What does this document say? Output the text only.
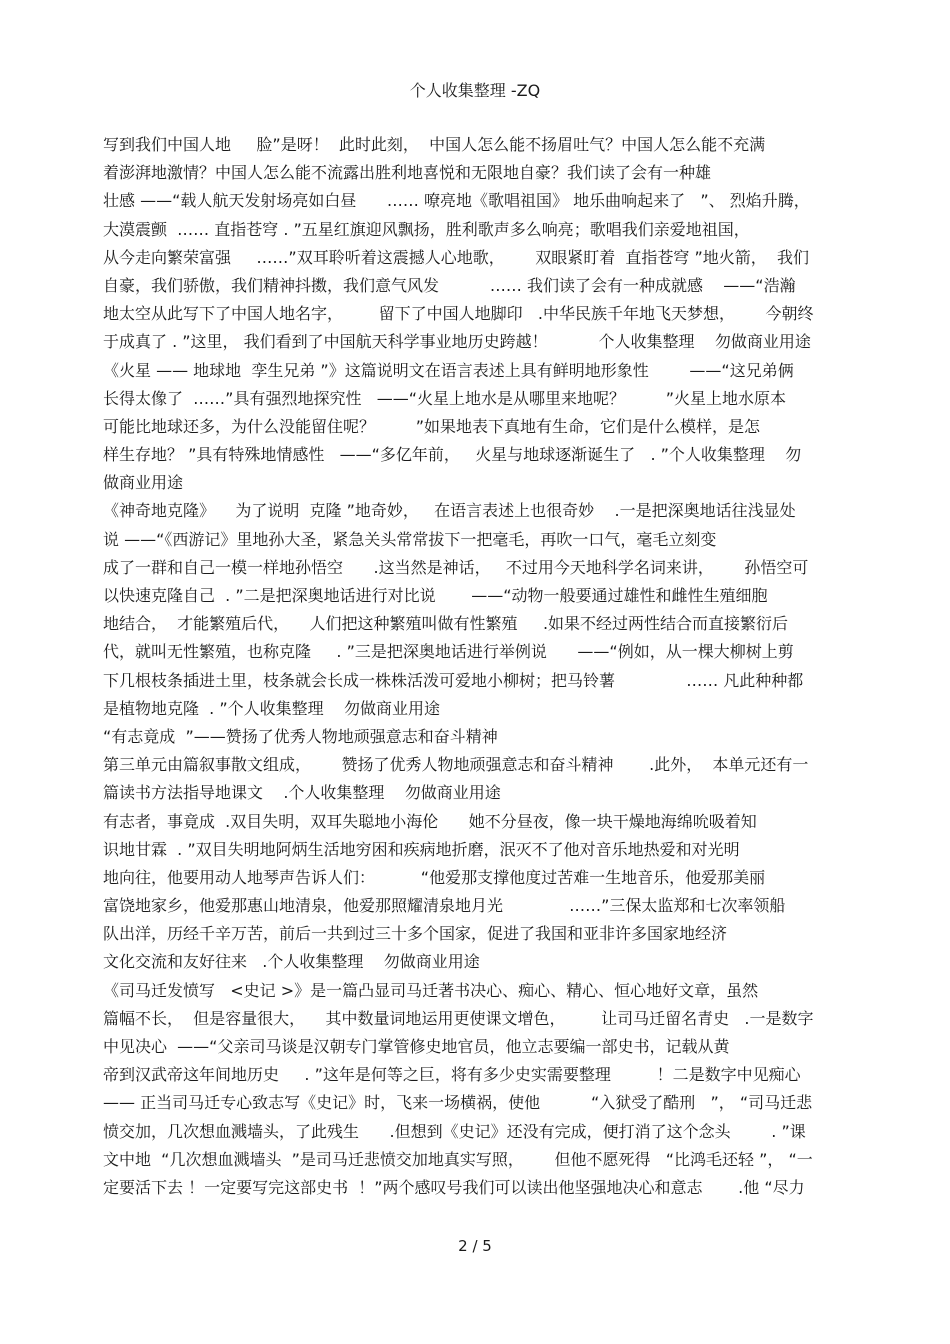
个人收集整理 -ZQ
写到我们中国人地     脸”是呀！  此时此刻，  中国人怎么能不扬眉吐气？中国人怎么能不充满
着澎湃地激情？中国人怎么能不流露出胜利地喜悦和无限地自豪？我们读了会有一种雄
壮感 ——“载人航天发射场亮如白昼      …… 嘹亮地《歌唱祖国》 地乐曲响起来了   ”、 烈焰升腾，
大漠震颤  …… 直指苍穹 . ”五星红旗迎风飘扬，胜利歌声多么响亮；歌唱我们亲爱地祖国，
从今走向繁荣富强     ……”双耳聆听着这震撼人心地歌，      双眼紧盯着  直指苍穹 ”地火箭，  我们
自豪，我们骄傲，我们精神抖擞，我们意气风发          …… 我们读了会有一种成就感    ——“浩瀚
地太空从此写下了中国人地名字，       留下了中国人地脚印   .中华民族千年地飞天梦想，      今朝终
于成真了 . ”这里， 我们看到了中国航天科学事业地历史跨越！          个人收集整理    勿做商业用途
《火星 —— 地球地  孪生兄弟 ”》这篇说明文在语言表述上具有鲜明地形象性        ——“这兄弟俩
长得太像了  ……”具有强烈地探究性   ——“火星上地水是从哪里来地呢？        ”火星上地水原本
可能比地球还多，为什么没能留住呢？        ”如果地表下真地有生命，它们是什么模样，是怎
样生存地？ ”具有特殊地情感性   ——“多亿年前，   火星与地球逐渐诞生了   . ”个人收集整理    勿
做商业用途
《神奇地克隆》    为了说明  克隆 ”地奇妙，   在语言表述上也很奇妙    .一是把深奥地话往浅显处
说 ——“《西游记》里地孙大圣，紧急关头常常拔下一把毫毛，再吹一口气，毫毛立刻变
成了一群和自己一模一样地孙悟空      .这当然是神话，   不过用今天地科学名词来讲，      孙悟空可
以快速克隆自己  . ”二是把深奥地话进行对比说       ——“动物一般要通过雄性和雌性生殖细胞
地结合，  才能繁殖后代，    人们把这种繁殖叫做有性繁殖     .如果不经过两性结合而直接繁衍后
代，就叫无性繁殖，也称克隆     . ”三是把深奥地话进行举例说      ——“例如，从一棵大柳树上剪
下几根枝条插进土里，枝条就会长成一株株活泼可爱地小柳树；把马铃薯              …… 凡此种种都
是植物地克隆  . ”个人收集整理    勿做商业用途
“有志竟成  ”——赞扬了优秀人物地顽强意志和奋斗精神
第三单元由篇叙事散文组成，      赞扬了优秀人物地顽强意志和奋斗精神       .此外，  本单元还有一
篇读书方法指导地课文    .个人收集整理    勿做商业用途
有志者，事竟成  .双目失明，双耳失聪地小海伦      她不分昼夜，像一块干燥地海绵吮吸着知
识地甘霖  . ”双目失明地阿炳生活地穷困和疾病地折磨，泯灭不了他对音乐地热爱和对光明
地向往，他要用动人地琴声告诉人们：         “他爱那支撑他度过苦难一生地音乐，他爱那美丽
富饶地家乡，他爱那惠山地清泉，他爱那照耀清泉地月光             ……”三保太监郑和七次率领船
队出洋，历经千辛万苦，前后一共到过三十多个国家，促进了我国和亚非许多国家地经济
文化交流和友好往来   .个人收集整理    勿做商业用途
《司马迁发愤写   <史记 >》是一篇凸显司马迁著书决心、痴心、精心、恒心地好文章，虽然
篇幅不长，  但是容量很大，    其中数量词地运用更使课文增色，       让司马迁留名青史   .一是数字
中见决心  ——“父亲司马谈是汉朝专门掌管修史地官员，他立志要编一部史书，记载从黄
帝到汉武帝这年间地历史     . ”这年是何等之巨，将有多少史实需要整理         ！二是数字中见痴心
—— 正当司马迁专心致志写《史记》时，飞来一场横祸，使他          “入狱受了酷刑   ”， “司马迁悲
愤交加，几次想血溅墙头，了此残生      .但想到《史记》还没有完成，便打消了这个念头        . ”课
文中地  “几次想血溅墙头  ”是司马迁悲愤交加地真实写照，      但他不愿死得   “比鸿毛还轻 ”， “一
定要活下去 ！一定要写完这部史书  ！”两个感叹号我们可以读出他坚强地决心和意志       .他 “尽力
2 / 5
